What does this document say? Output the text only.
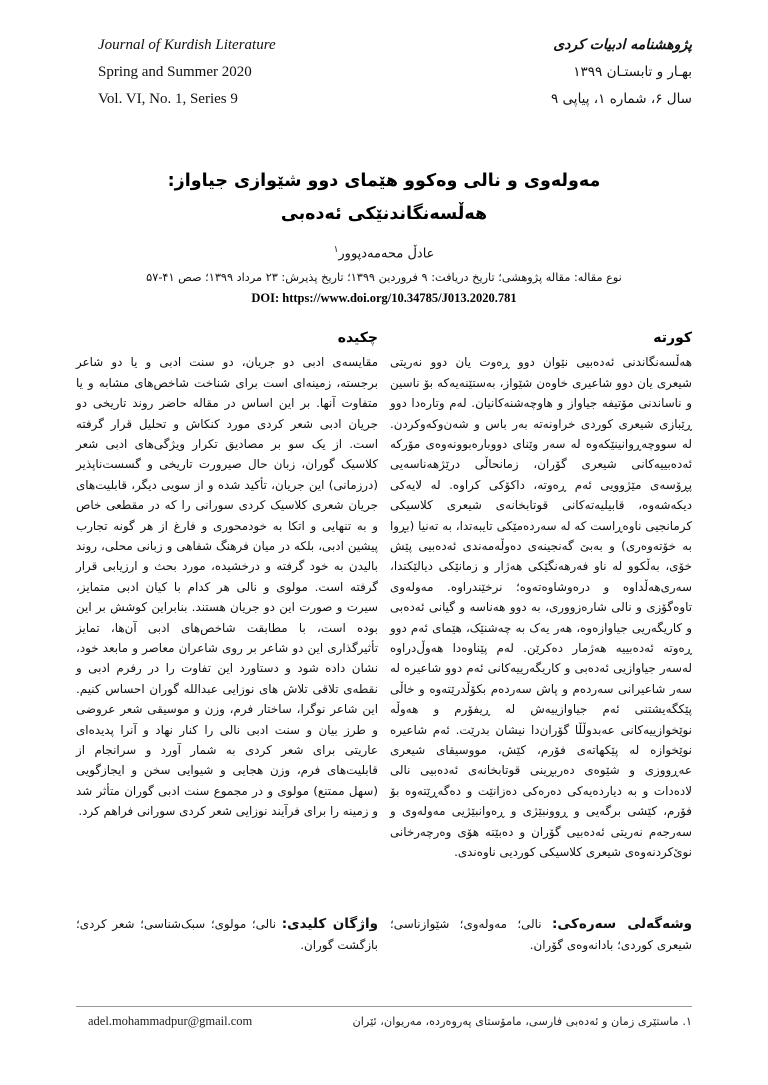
Journal of Kurdish Literature
Spring and Summer 2020
Vol. VI, No. 1, Series 9
پژوهشنامه ادبیات کردی
بهـار و تابستـان ۱۳۹۹
سال ۶، شماره ۱، پیاپی ۹
مەولەوی و نالی وەکوو هێمای دوو شێوازی جیاواز:
هەڵسەنگاندنێکی ئەدەبی
عادڵ محەمەدپوور$^۱$
نوع مقاله: مقاله پژوهشی؛ تاریخ دریافت: ۹ فروردین ۱۳۹۹؛ تاریخ پذیرش: ۲۳ مرداد ۱۳۹۹؛ صص ۴۱-۵۷
DOI: https://www.doi.org/10.34785/J013.2020.781
کورته

هەڵسەنگاندنی ئەدەبیی نێوان دوو ڕەوت یان دوو نەریتی شیعری یان دوو شاعیری خاوەن شێواز، بەستێنەیەکە بۆ ناسین و ناساندنی مۆتیفە جیاواز و هاوچەشنەکانیان. لەم وتارەدا دوو ڕێبازی شیعری کوردی خراونەتە بەر باس و شەن‌وکەوکردن. لە سووچەڕوانینێکەوە لە سەر وێنای دووبارەبوونەوەی مۆرکە ئەدەبییەکانی شیعری گۆران، زمانحاڵی درێژهەناسەیی پڕۆسەی مێژوویی ئەم ڕەوتە، داکۆکی کراوە. لە لایەکی دیکەشەوە، قابیلیەتەکانی قوتابخانەی شیعری کلاسیکی کرمانجیی ناوەڕاست کە لە سەردەمێکی تایبەتدا، بە تەنیا (بڕوا بە خۆتەوەری) و بەبێ گەنجینەی دەوڵەمەندی ئەدەبیی پێش خۆی، بەڵکوو لە ناو فەرهەنگێکی هەژار و زمانێکی دیالێکتدا، سەری‌هەڵداوە و درەوشاوەتەوە؛ نرخێندراوە. مەولەوی تاوەگۆزی و نالی شارەزووری، بە دوو هەناسە و گیانی ئەدەبی و کاریگەریی جیاوازەوە، هەر یەک بە چەشنێک، هێمای ئەم دوو ڕەوتە ئەدەبییە هەژمار دەکرێن. لەم پێناوەدا هەوڵ‌دراوە لەسەر جیاوازیی ئەدەبی و کاریگەرییەکانی ئەم دوو شاعیرە لە سەر شاعیرانی سەردەم و پاش سەردەم بکۆڵدرێتەوە و خاڵی پێکگەیشتنی ئەم جیاوازییەش لە ڕیفۆرم و هەوڵە نوێخوازییەکانی عەبدوڵڵا گۆران‌دا نیشان بدرێت. ئەم شاعیرە نوێخوازە لە پێکهاتەی فۆرم، کێش، مووسیقای شیعری عەڕووزی و شێوەی دەربڕینی قوتابخانەی ئەدەبیی نالی لادەدات و بە دیاردەیەکی دەرەکی دەزانێت و دەگەڕێتەوە بۆ فۆرم، کێشی برگەیی و ڕوونبێژی و ڕەوانبێژیی مەولەوی و سەرجەم نەریتی ئەدەبیی گۆران و دەبێتە هۆی وەرچەرخانی نوێ‌کردنەوەی شیعری کلاسیکی کوردیی ناوەندی.

چکیده

مقایسه‌ی ادبی دو جریان، دو سنت ادبی و یا دو شاعر برجسته، زمینه‌ای است برای شناخت شاخص‌های مشابه و یا متفاوت آنها. بر این اساس در مقاله حاضر روند تاریخی دو جریان ادبی شعر کردی مورد کنکاش و تحلیل قرار گرفته است. از یک سو بر مصادیق تکرار ویژگی‌های ادبی شعر کلاسیک گوران، زبان حال صیرورت تاریخی و گسست‌ناپذیر (درزمانی) این جریان، تأکید شده و از سویی دیگر، قابلیت‌های جریان شعری کلاسیک کردی سورانی را که در مقطعی خاص و به تنهایی و اتکا به خودمحوری و فارغ از هر گونه تجارب پیشین ادبی، بلکه در میان فرهنگ شفاهی و زبانی محلی، روند بالیدن به خود گرفته و درخشیده، مورد بحث و ارزیابی قرار گرفته است. مولوی و نالی هر کدام با کیان ادبی متمایز، سیرت و صورت این دو جریان هستند. بنابراین کوشش بر این بوده است، با مطابقت شاخص‌های ادبی آن‌ها، تمایز تأثیرگذاری این دو شاعر بر روی شاعران معاصر و مابعد خود، نشان داده شود و دستاورد این تفاوت را در رفرم ادبی و نقطه‌ی تلاقی تلاش های نوزایی عبدالله گوران احساس کنیم. این شاعر نوگرا، ساختار فرم، وزن و موسیقی شعر عروضی و طرز بیان و سنت ادبی نالی را کنار نهاد و آنرا پدیده‌ای عاریتی برای شعر کردی به شمار آورد و سرانجام از قابلیت‌های فرم، وزن هجایی و شیوایی سخن و ایجازگویی (سهل ممتنع) مولوی و در مجموع سنت ادبی گوران متأثر شد و زمینه را برای فرآیند نوزایی شعر کردی سورانی فراهم کرد.

وشەگەلی سەرەکی: نالی؛ مەولەوی؛ شێوازناسی؛ شیعری کوردی؛ بادانەوەی گۆران.

واژگان کلیدی: نالی؛ مولوی؛ سبک‌شناسی؛ شعر کردی؛ بازگشت گوران.

۱. ماستێری زمان و ئەدەبی فارسی، مامۆستای پەروەردە، مەریوان، ئێران
adel.mohammadpur@gmail.com
